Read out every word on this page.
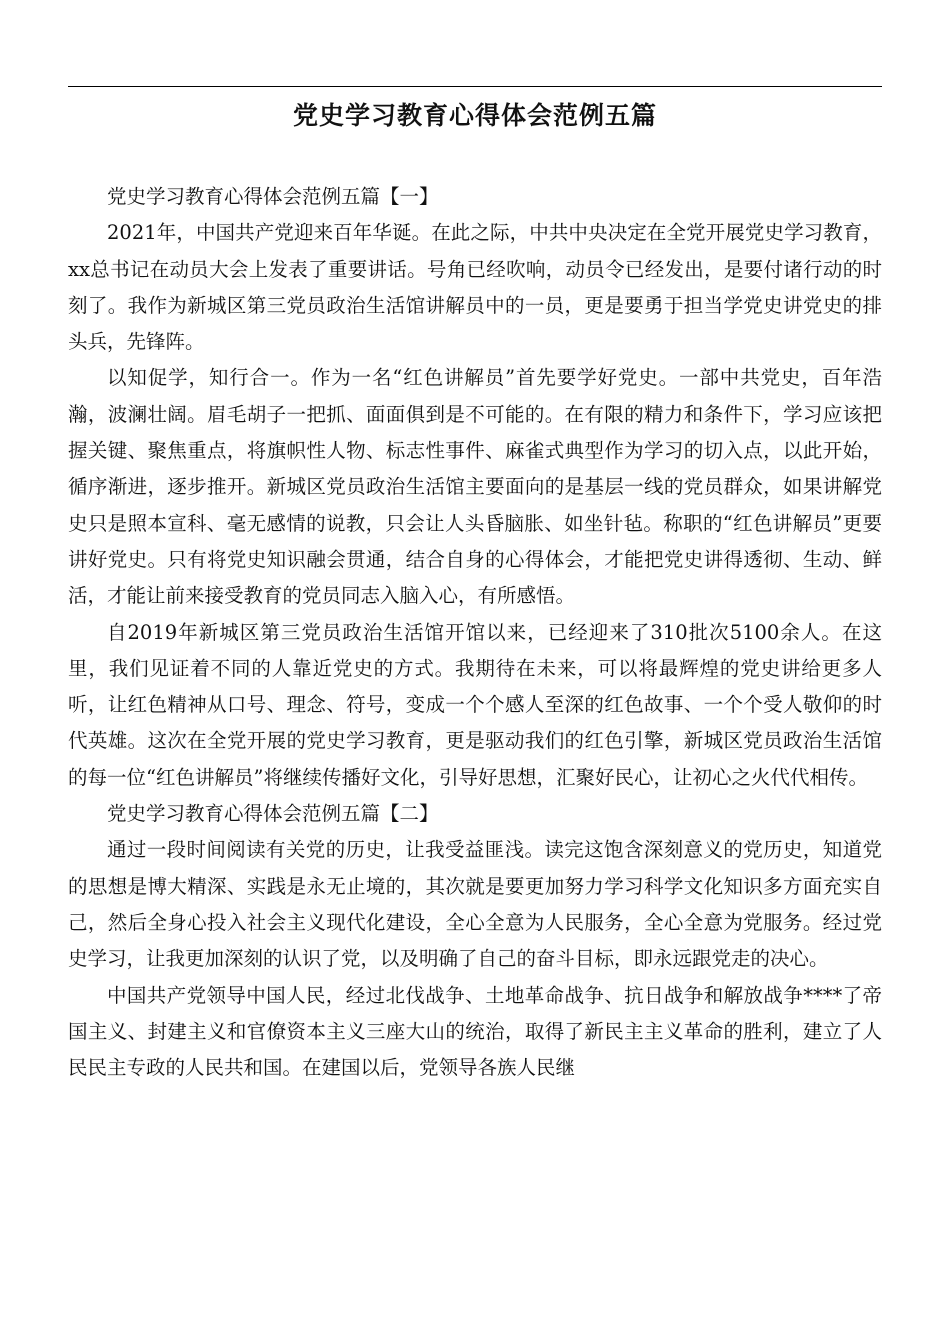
党史学习教育心得体会范例五篇

党史学习教育心得体会范例五篇【一】

2021年，中国共产党迎来百年华诞。在此之际，中共中央决定在全党开展党史学习教育，xx总书记在动员大会上发表了重要讲话。号角已经吹响，动员令已经发出，是要付诸行动的时刻了。我作为新城区第三党员政治生活馆讲解员中的一员，更是要勇于担当学党史讲党史的排头兵，先锋阵。

以知促学，知行合一。作为一名“红色讲解员”首先要学好党史。一部中共党史，百年浩瀚，波澜壮阔。眉毛胡子一把抓、面面俱到是不可能的。在有限的精力和条件下，学习应该把握关键、聚焦重点，将旗帜性人物、标志性事件、麻雀式典型作为学习的切入点，以此开始，循序渐进，逐步推开。新城区党员政治生活馆主要面向的是基层一线的党员群众，如果讲解党史只是照本宣科、毫无感情的说教，只会让人头昏脑胀、如坐针毡。称职的“红色讲解员”更要讲好党史。只有将党史知识融会贯通，结合自身的心得体会，才能把党史讲得透彻、生动、鲜活，才能让前来接受教育的党员同志入脑入心，有所感悟。

自2019年新城区第三党员政治生活馆开馆以来，已经迎来了310批次5100余人。在这里，我们见证着不同的人靠近党史的方式。我期待在未来，可以将最辉煌的党史讲给更多人听，让红色精神从口号、理念、符号，变成一个个感人至深的红色故事、一个个受人敬仰的时代英雄。这次在全党开展的党史学习教育，更是驱动我们的红色引擎，新城区党员政治生活馆的每一位“红色讲解员”将继续传播好文化，引导好思想，汇聚好民心，让初心之火代代相传。

党史学习教育心得体会范例五篇【二】

通过一段时间阅读有关党的历史，让我受益匪浅。读完这饱含深刻意义的党历史，知道党的思想是博大精深、实践是永无止境的，其次就是要更加努力学习科学文化知识多方面充实自己，然后全身心投入社会主义现代化建设，全心全意为人民服务，全心全意为党服务。经过党史学习，让我更加深刻的认识了党，以及明确了自己的奋斗目标，即永远跟党走的决心。

中国共产党领导中国人民，经过北伐战争、土地革命战争、抗日战争和解放战争****了帝国主义、封建主义和官僚资本主义三座大山的统治，取得了新民主主义革命的胜利，建立了人民民主专政的人民共和国。在建国以后，党领导各族人民继
